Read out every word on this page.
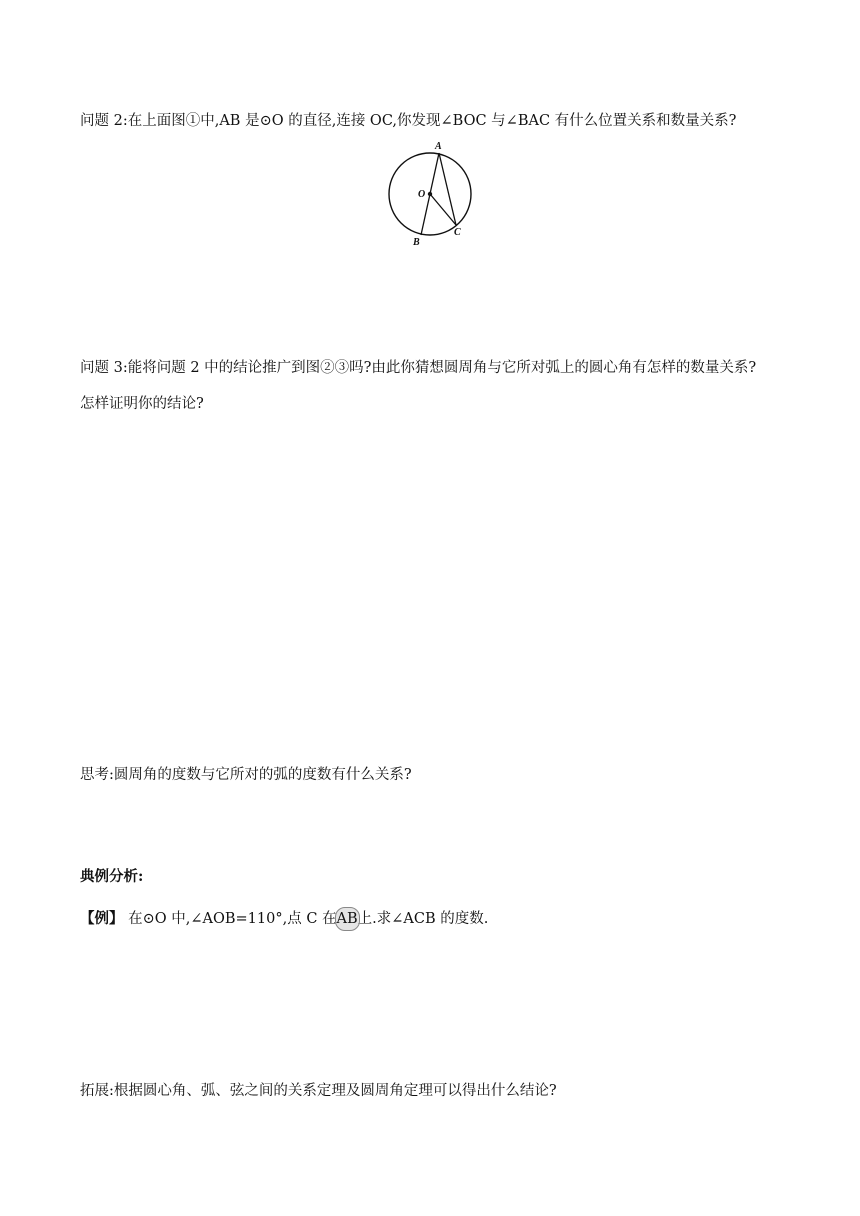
问题 2:在上面图①中,AB 是⊙O 的直径,连接 OC,你发现∠BOC 与∠BAC 有什么位置关系和数量关系?

A
O
B
C

问题 3:能将问题 2 中的结论推广到图②③吗?由此你猜想圆周角与它所对弧上的圆心角有怎样的数量关系?

怎样证明你的结论?

思考:圆周角的度数与它所对的弧的度数有什么关系?

典例分析:

【例】 在⊙O 中,∠AOB=110°,点 C 在
AB上.求∠ACB 的度数.

拓展:根据圆心角、弧、弦之间的关系定理及圆周角定理可以得出什么结论?
